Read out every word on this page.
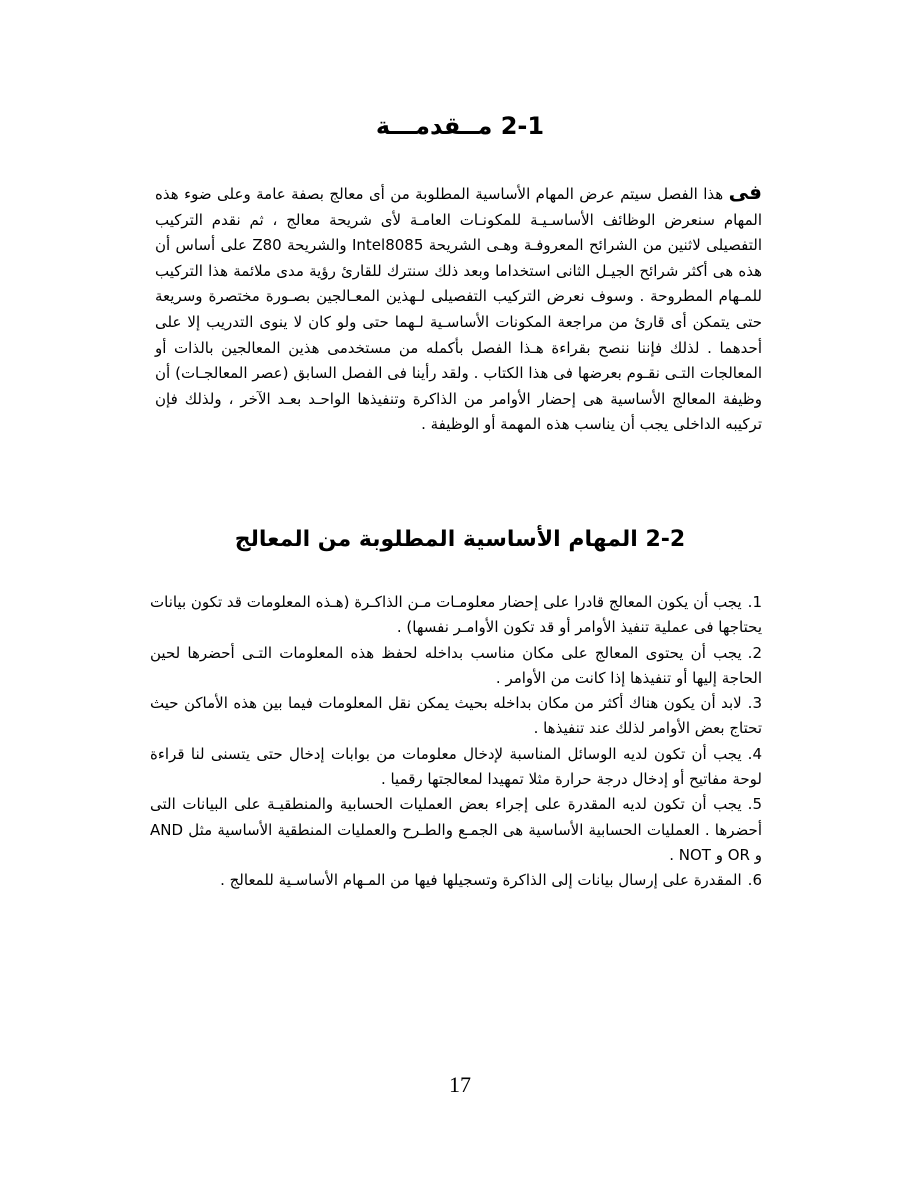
2-1 مــقدمـــة

فى هذا الفصل سيتم عرض المهام الأساسية المطلوبة من أى معالج بصفة عامة وعلى ضوء هذه المهام سنعرض الوظائف الأساسـيـة للمكونـات العامـة لأى شريحة معالج ، ثم نقدم التركيب التفصيلى لاثنين من الشرائح المعروفـة وهـى الشريحة Intel8085 والشريحة Z80 على أساس أن هذه هى أكثر شرائح الجيـل الثانى استخداما وبعد ذلك سنترك للقارئ رؤية مدى ملائمة هذا التركيب للمـهام المطروحة . وسوف نعرض التركيب التفصيلى لـهذين المعـالجين بصـورة مختصرة وسريعة حتى يتمكن أى قارئ من مراجعة المكونات الأساسـية لـهما حتى ولو كان لا ينوى التدريب إلا على أحدهما . لذلك فإننا ننصح بقراءة هـذا الفصل بأكمله من مستخدمى هذين المعالجين بالذات أو المعالجات التـى نقـوم بعرضها فى هذا الكتاب . ولقد رأينا فى الفصل السابق (عصر المعالجـات) أن وظيفة المعالج الأساسية هى إحضار الأوامر من الذاكرة وتنفيذها الواحـد بعـد الآخر ، ولذلك فإن تركيبه الداخلى يجب أن يناسب هذه المهمة أو الوظيفة .

2-2 المهام الأساسية المطلوبة من المعالج

1.يجب أن يكون المعالج قادرا على إحضار معلومـات مـن الذاكـرة (هـذه المعلومات قد تكون بيانات يحتاجها فى عملية تنفيذ الأوامر أو قد تكون الأوامـر نفسها) .

2.يجب أن يحتوى المعالج على مكان مناسب بداخله لحفظ هذه المعلومات التـى أحضرها لحين الحاجة إليها أو تنفيذها إذا كانت من الأوامر .

3.لابد أن يكون هناك أكثر من مكان بداخله بحيث يمكن نقل المعلومات فيما بين هذه الأماكن حيث تحتاج بعض الأوامر لذلك عند تنفيذها .

4.يجب أن تكون لديه الوسائل المناسبة لإدخال معلومات من بوابات إدخال حتى يتسنى لنا قراءة لوحة مفاتيح أو إدخال درجة حرارة مثلا تمهيدا لمعالجتها رقميا .

5.يجب أن تكون لديه المقدرة على إجراء بعض العمليات الحسابية والمنطقيـة على البيانات التى أحضرها . العمليات الحسابية الأساسية هى الجمـع والطـرح والعمليات المنطقية الأساسية مثل AND و OR و NOT .

6.المقدرة على إرسال بيانات إلى الذاكرة وتسجيلها فيها من المـهام الأساسـية للمعالج .

17
